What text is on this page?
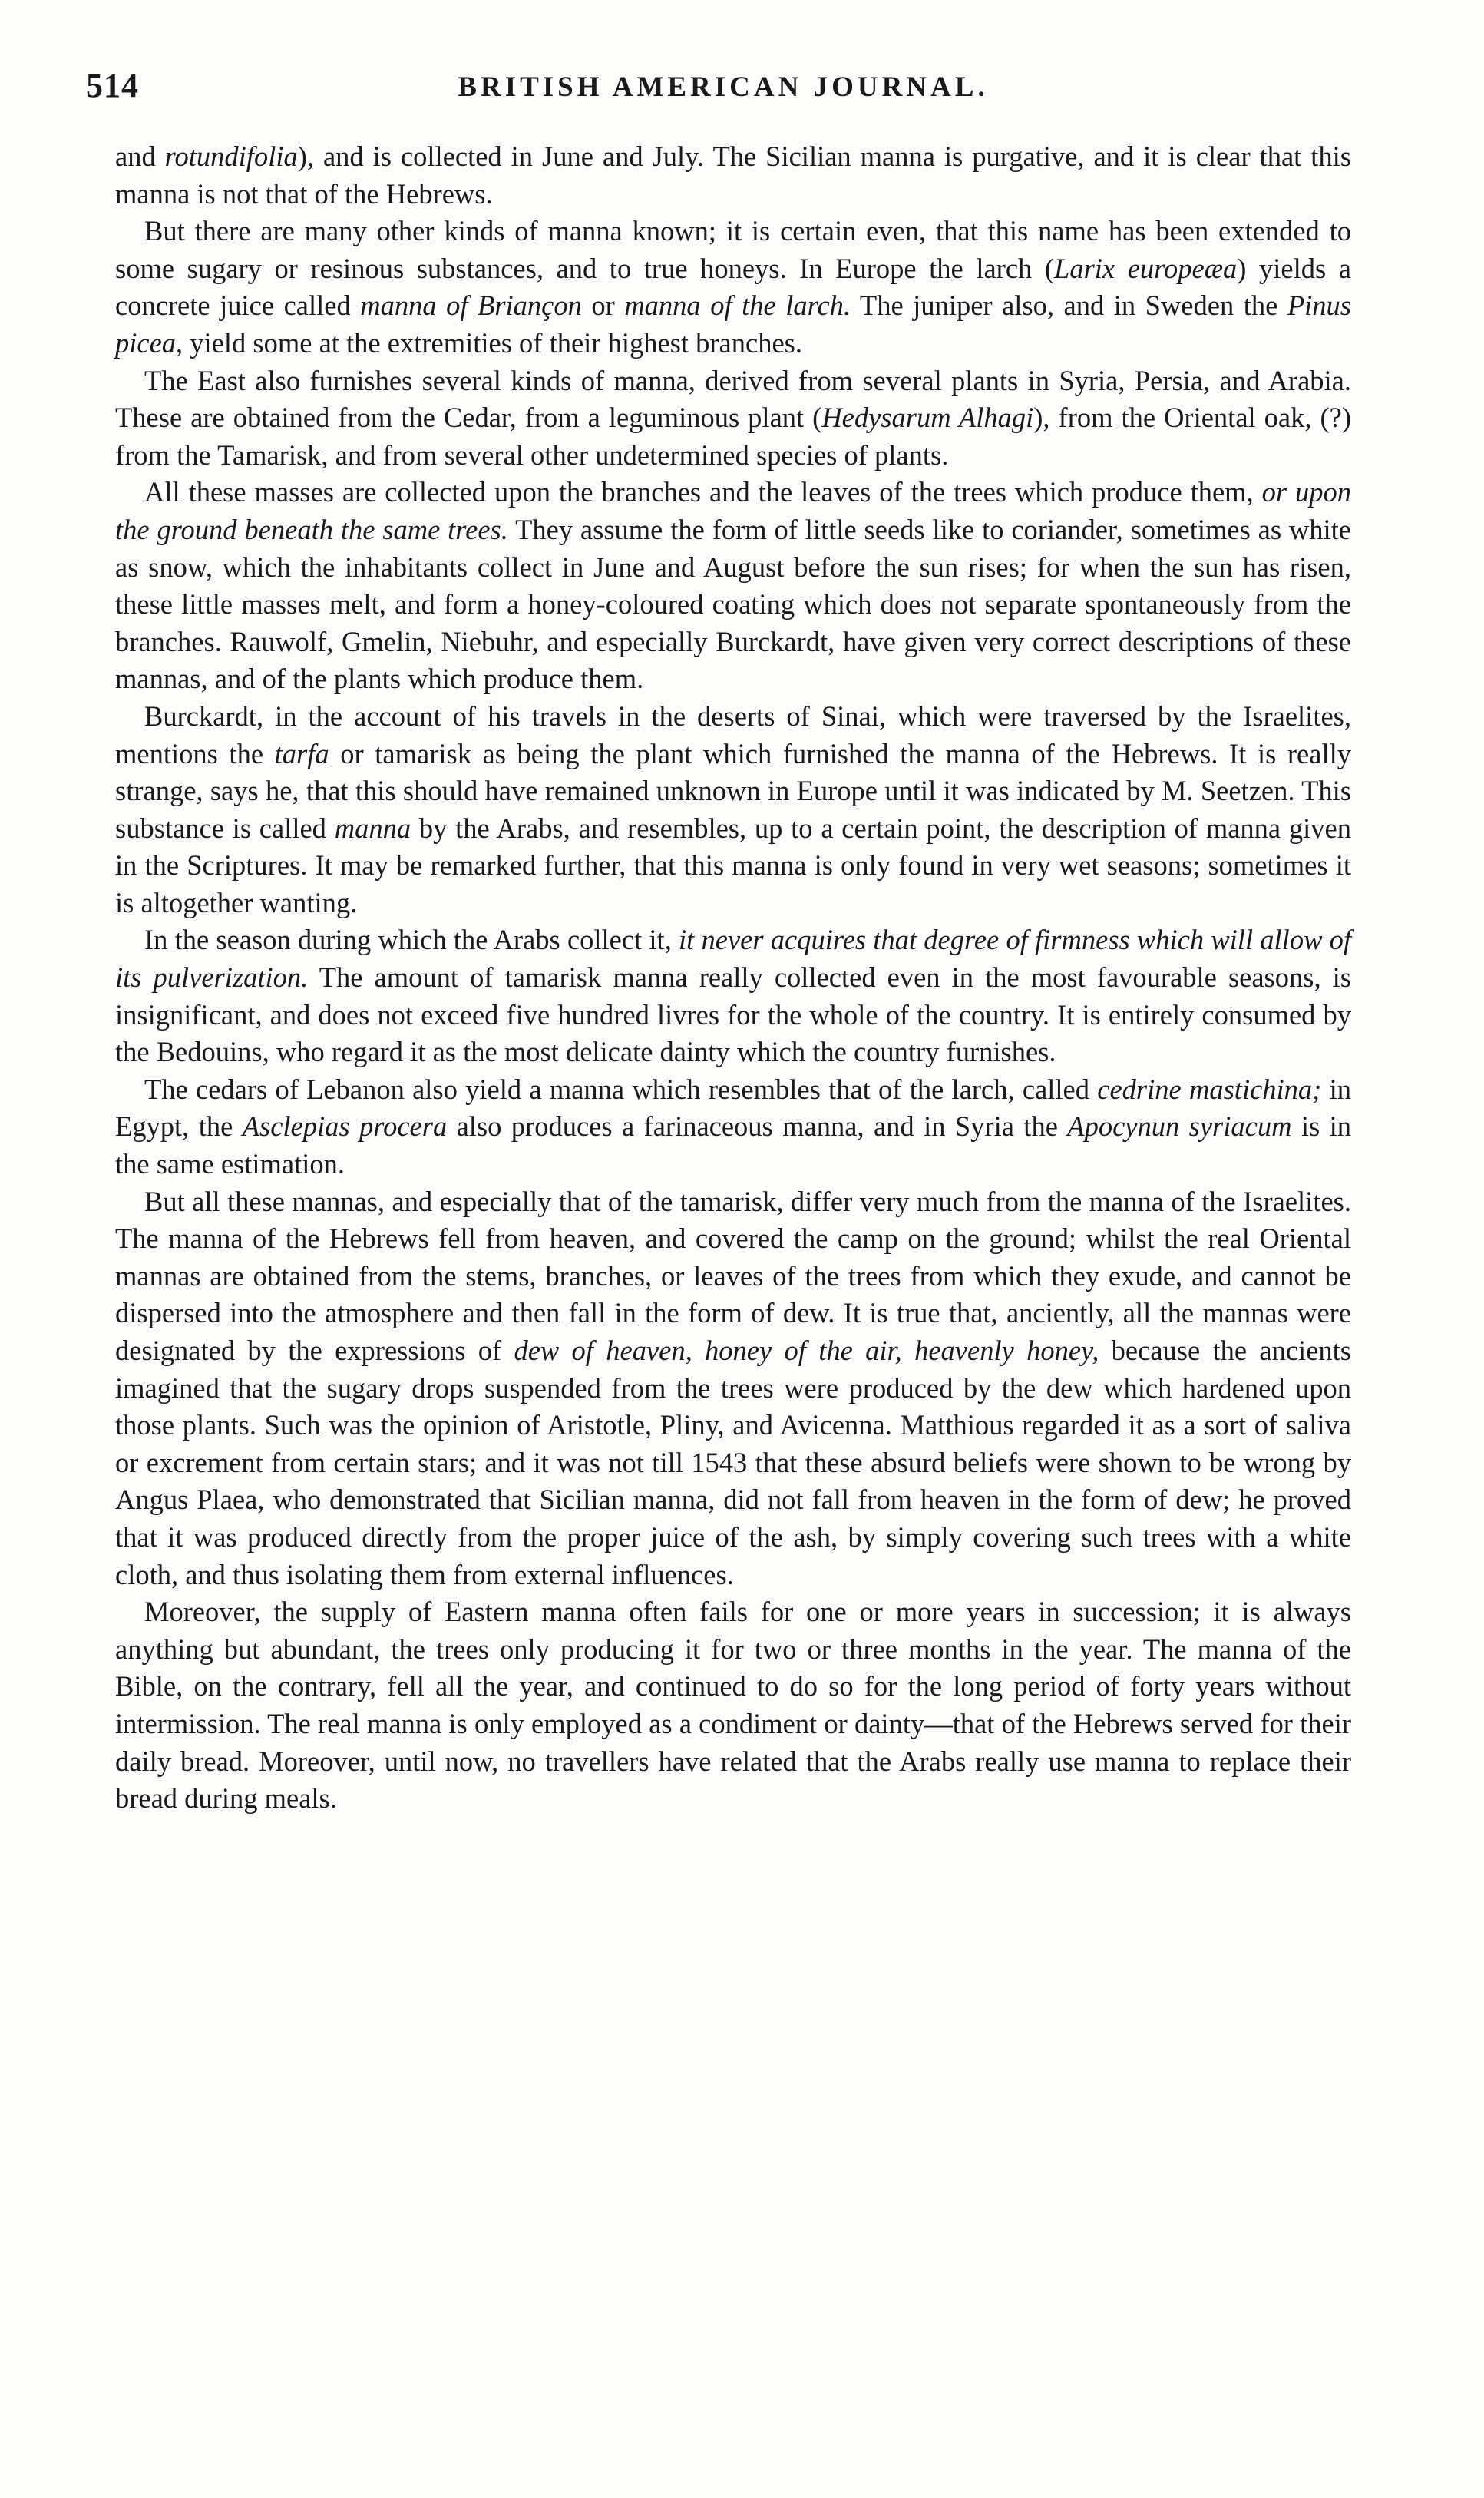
514	BRITISH AMERICAN JOURNAL.

and rotundifolia), and is collected in June and July. The Sicilian manna is purgative, and it is clear that this manna is not that of the Hebrews.

But there are many other kinds of manna known; it is certain even, that this name has been extended to some sugary or resinous substances, and to true honeys. In Europe the larch (Larix europeæa) yields a concrete juice called manna of Briançon or manna of the larch. The juniper also, and in Sweden the Pinus picea, yield some at the extremities of their highest branches.

The East also furnishes several kinds of manna, derived from several plants in Syria, Persia, and Arabia. These are obtained from the Cedar, from a leguminous plant (Hedysarum Alhagi), from the Oriental oak, (?) from the Tamarisk, and from several other undetermined species of plants.

All these masses are collected upon the branches and the leaves of the trees which produce them, or upon the ground beneath the same trees. They assume the form of little seeds like to coriander, sometimes as white as snow, which the inhabitants collect in June and August before the sun rises; for when the sun has risen, these little masses melt, and form a honey-coloured coating which does not separate spontaneously from the branches. Rauwolf, Gmelin, Niebuhr, and especially Burckardt, have given very correct descriptions of these mannas, and of the plants which produce them.

Burckardt, in the account of his travels in the deserts of Sinai, which were traversed by the Israelites, mentions the tarfa or tamarisk as being the plant which furnished the manna of the Hebrews. It is really strange, says he, that this should have remained unknown in Europe until it was indicated by M. Seetzen. This substance is called manna by the Arabs, and resembles, up to a certain point, the description of manna given in the Scriptures. It may be remarked further, that this manna is only found in very wet seasons; sometimes it is altogether wanting.

In the season during which the Arabs collect it, it never acquires that degree of firmness which will allow of its pulverization. The amount of tamarisk manna really collected even in the most favourable seasons, is insignificant, and does not exceed five hundred livres for the whole of the country. It is entirely consumed by the Bedouins, who regard it as the most delicate dainty which the country furnishes.

The cedars of Lebanon also yield a manna which resembles that of the larch, called cedrine mastichina; in Egypt, the Asclepias procera also produces a farinaceous manna, and in Syria the Apocynun syriacum is in the same estimation.

But all these mannas, and especially that of the tamarisk, differ very much from the manna of the Israelites. The manna of the Hebrews fell from heaven, and covered the camp on the ground; whilst the real Oriental mannas are obtained from the stems, branches, or leaves of the trees from which they exude, and cannot be dispersed into the atmosphere and then fall in the form of dew. It is true that, anciently, all the mannas were designated by the expressions of dew of heaven, honey of the air, heavenly honey, because the ancients imagined that the sugary drops suspended from the trees were produced by the dew which hardened upon those plants. Such was the opinion of Aristotle, Pliny, and Avicenna. Matthious regarded it as a sort of saliva or excrement from certain stars; and it was not till 1543 that these absurd beliefs were shown to be wrong by Angus Plaea, who demonstrated that Sicilian manna, did not fall from heaven in the form of dew; he proved that it was produced directly from the proper juice of the ash, by simply covering such trees with a white cloth, and thus isolating them from external influences.

Moreover, the supply of Eastern manna often fails for one or more years in succession; it is always anything but abundant, the trees only producing it for two or three months in the year. The manna of the Bible, on the contrary, fell all the year, and continued to do so for the long period of forty years without intermission. The real manna is only employed as a condiment or dainty—that of the Hebrews served for their daily bread. Moreover, until now, no travellers have related that the Arabs really use manna to replace their bread during meals.
